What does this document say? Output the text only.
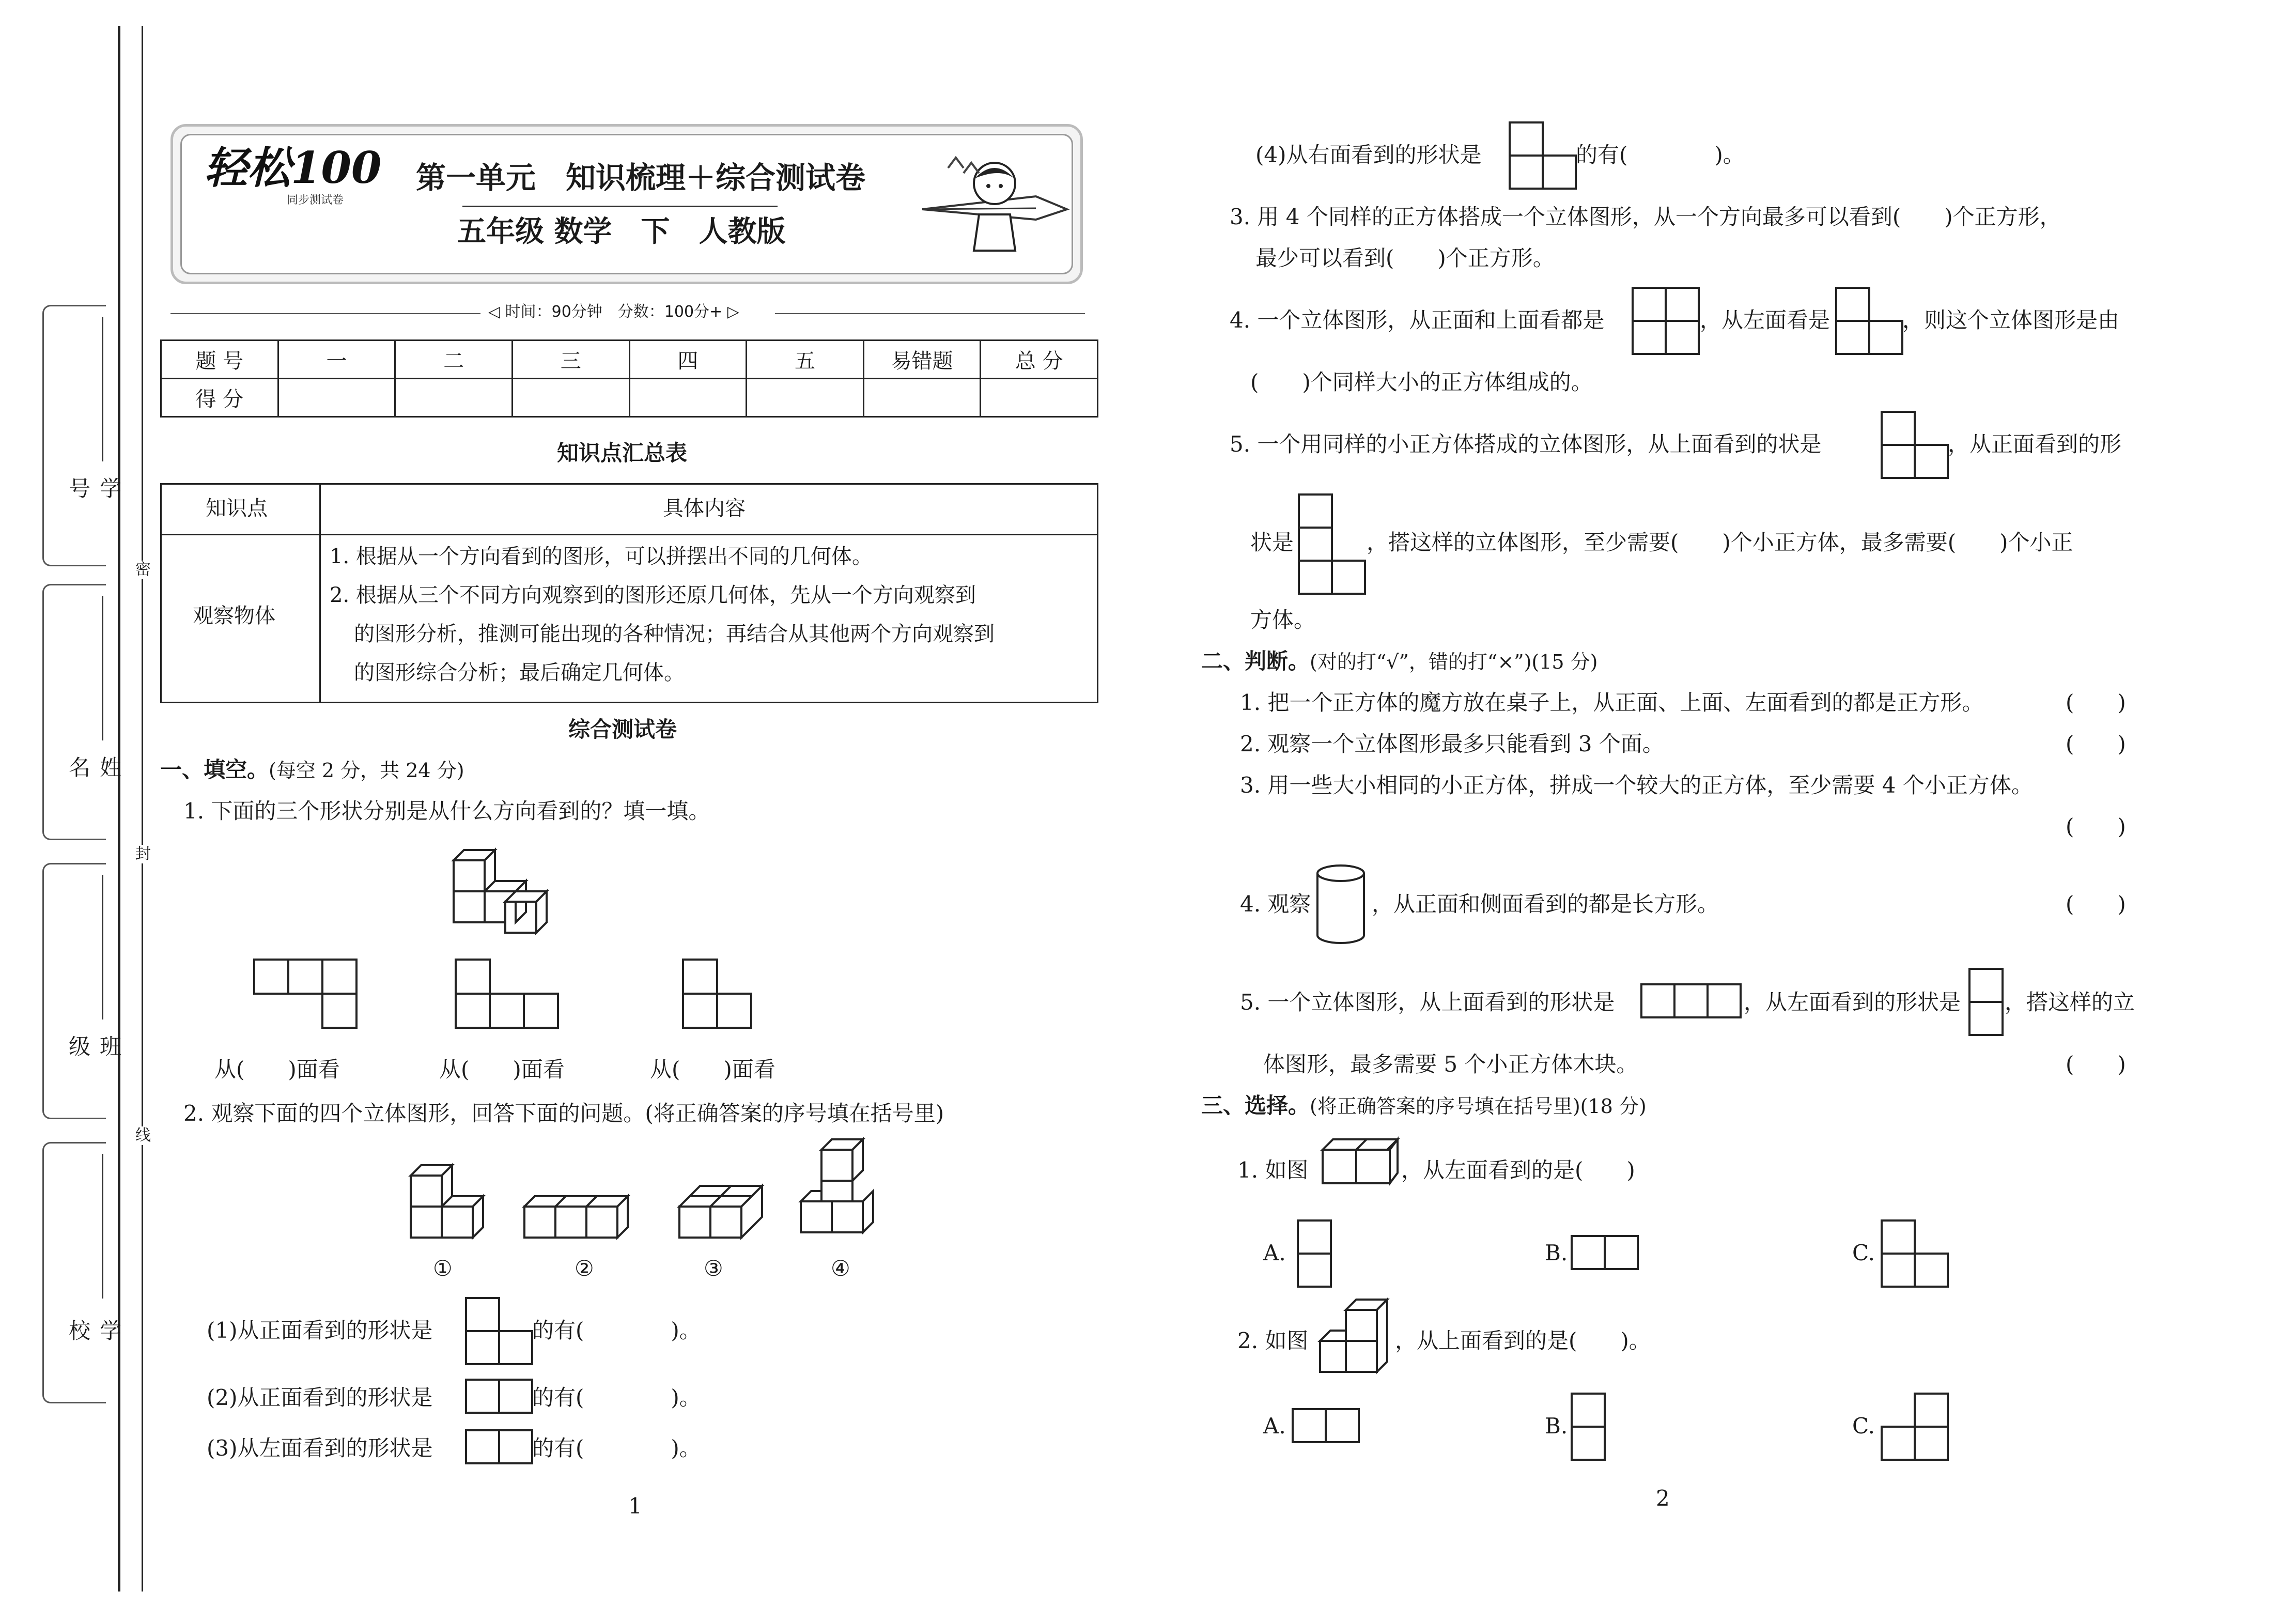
密
封
线
学 号
姓 名
班 级
学 校
轻松100
同步测试卷
第一单元　知识梳理＋综合测试卷
五年级 数学　下　人教版
◁ 时间：90分钟　分数：100分+ ▷
题 号	一	二	三	四	五	易错题	总 分
得 分							
知识点汇总表
知识点	具体内容
观察物体
1. 根据从一个方向看到的图形，可以拼摆出不同的几何体。
2. 根据从三个不同方向观察到的图形还原几何体，先从一个方向观察到
的图形分析，推测可能出现的各种情况；再结合从其他两个方向观察到
的图形综合分析；最后确定几何体。
综合测试卷
一、填空。(每空 2 分，共 24 分)
1. 下面的三个形状分别是从什么方向看到的？填一填。
从(　　)面看	从(　　)面看	从(　　)面看
2. 观察下面的四个立体图形，回答下面的问题。(将正确答案的序号填在括号里)
①	②	③	④
(1)从正面看到的形状是	的有(　　　　)。
(2)从正面看到的形状是	的有(　　　　)。
(3)从左面看到的形状是	的有(　　　　)。
1
(4)从右面看到的形状是	的有(　　　　)。
3. 用 4 个同样的正方体搭成一个立体图形，从一个方向最多可以看到(　　)个正方形，
最少可以看到(　　)个正方形。
4. 一个立体图形，从正面和上面看都是	，从左面看是	，则这个立体图形是由
(　　)个同样大小的正方体组成的。
5. 一个用同样的小正方体搭成的立体图形，从上面看到的状是	，从正面看到的形
状是	，搭这样的立体图形，至少需要(　　)个小正方体，最多需要(　　)个小正
方体。
二、判断。(对的打“√”，错的打“×”)(15 分)
1. 把一个正方体的魔方放在桌子上，从正面、上面、左面看到的都是正方形。	(　　)
2. 观察一个立体图形最多只能看到 3 个面。	(　　)
3. 用一些大小相同的小正方体，拼成一个较大的正方体，至少需要 4 个小正方体。
(　　)
4. 观察	，从正面和侧面看到的都是长方形。	(　　)
5. 一个立体图形，从上面看到的形状是	，从左面看到的形状是 ，搭这样的立
体图形，最多需要 5 个小正方体木块。	(　　)
三、选择。(将正确答案的序号填在括号里)(18 分)
1. 如图	，从左面看到的是(　　)
A.	B.	C.
2. 如图	，从上面看到的是(　　)。
A.	B.	C.
2
